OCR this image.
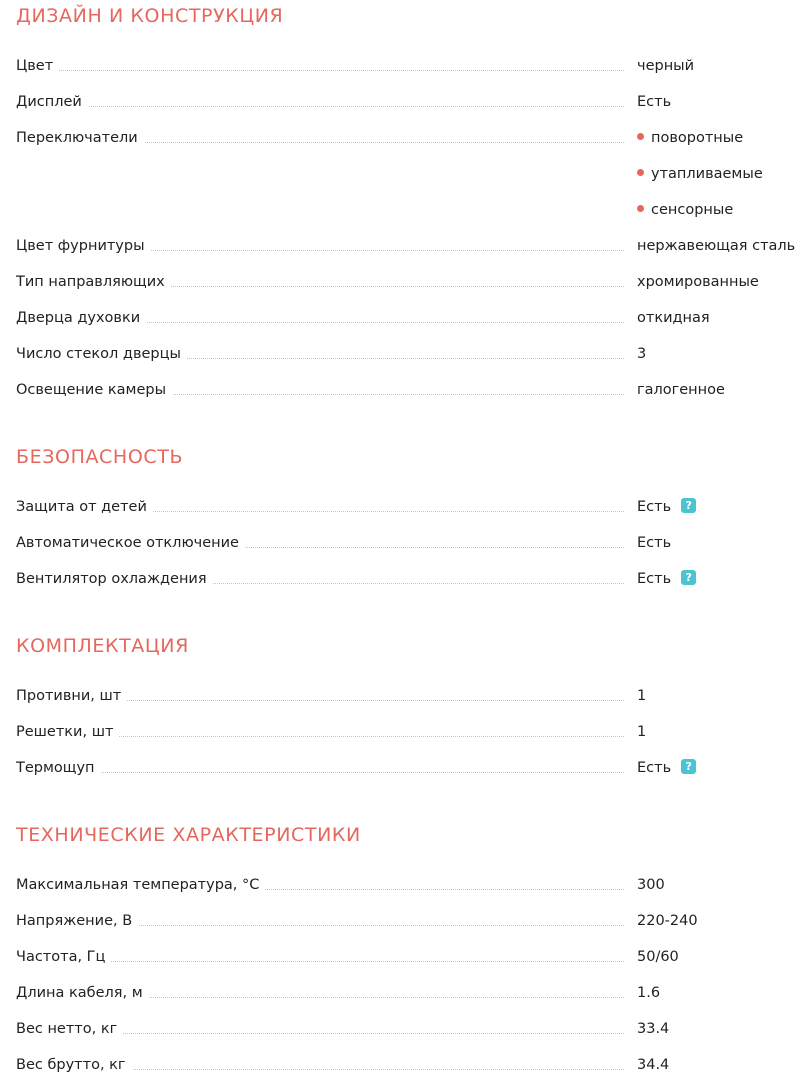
ДИЗАЙН И КОНСТРУКЦИЯ
Цвет	черный
Дисплей	Есть
Переключатели	поворотные
утапливаемые
сенсорные
Цвет фурнитуры	нержавеющая сталь
Тип направляющих	хромированные
Дверца духовки	откидная
Число стекол дверцы	3
Освещение камеры	галогенное
БЕЗОПАСНОСТЬ
Защита от детей	Есть ?
Автоматическое отключение	Есть
Вентилятор охлаждения	Есть ?
КОМПЛЕКТАЦИЯ
Противни, шт	1
Решетки, шт	1
Термощуп	Есть ?
ТЕХНИЧЕСКИЕ ХАРАКТЕРИСТИКИ
Максимальная температура, °C	300
Напряжение, В	220-240
Частота, Гц	50/60
Длина кабеля, м	1.6
Вес нетто, кг	33.4
Вес брутто, кг	34.4
